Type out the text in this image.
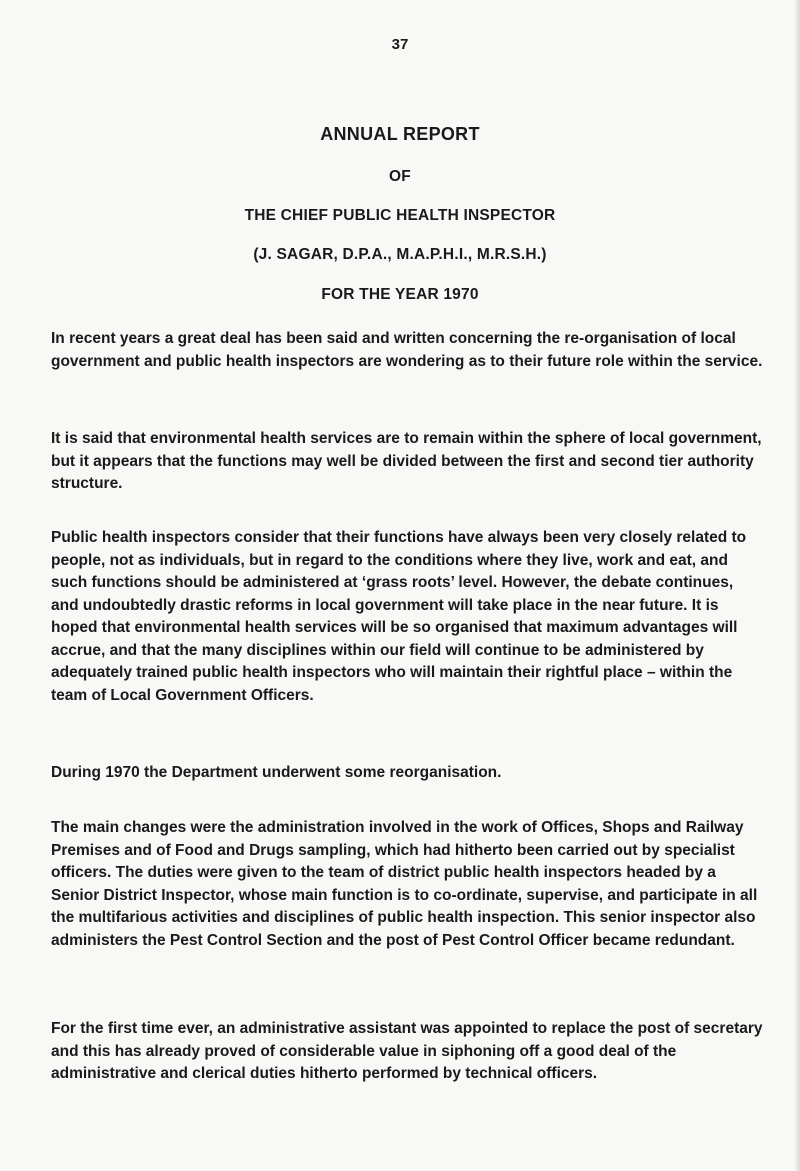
37
ANNUAL REPORT
OF
THE CHIEF PUBLIC HEALTH INSPECTOR
(J. SAGAR, D.P.A., M.A.P.H.I., M.R.S.H.)
FOR THE YEAR 1970

In recent years a great deal has been said and written concerning the re-organisation of local government and public health inspectors are wondering as to their future role within the service.

It is said that environmental health services are to remain within the sphere of local government, but it appears that the functions may well be divided between the first and second tier authority structure.

Public health inspectors consider that their functions have always been very closely related to people, not as individuals, but in regard to the conditions where they live, work and eat, and such functions should be administered at ‘grass roots’ level. However, the debate continues, and undoubtedly drastic reforms in local government will take place in the near future. It is hoped that environmental health services will be so organised that maximum advantages will accrue, and that the many disciplines within our field will continue to be administered by adequately trained public health inspectors who will maintain their rightful place – within the team of Local Government Officers.

During 1970 the Department underwent some reorganisation.

The main changes were the administration involved in the work of Offices, Shops and Railway Premises and of Food and Drugs sampling, which had hitherto been carried out by specialist officers. The duties were given to the team of district public health inspectors headed by a Senior District Inspector, whose main function is to co-ordinate, supervise, and participate in all the multifarious activities and disciplines of public health inspection. This senior inspector also administers the Pest Control Section and the post of Pest Control Officer became redundant.

For the first time ever, an administrative assistant was appointed to replace the post of secretary and this has already proved of considerable value in siphoning off a good deal of the administrative and clerical duties hitherto performed by technical officers.
